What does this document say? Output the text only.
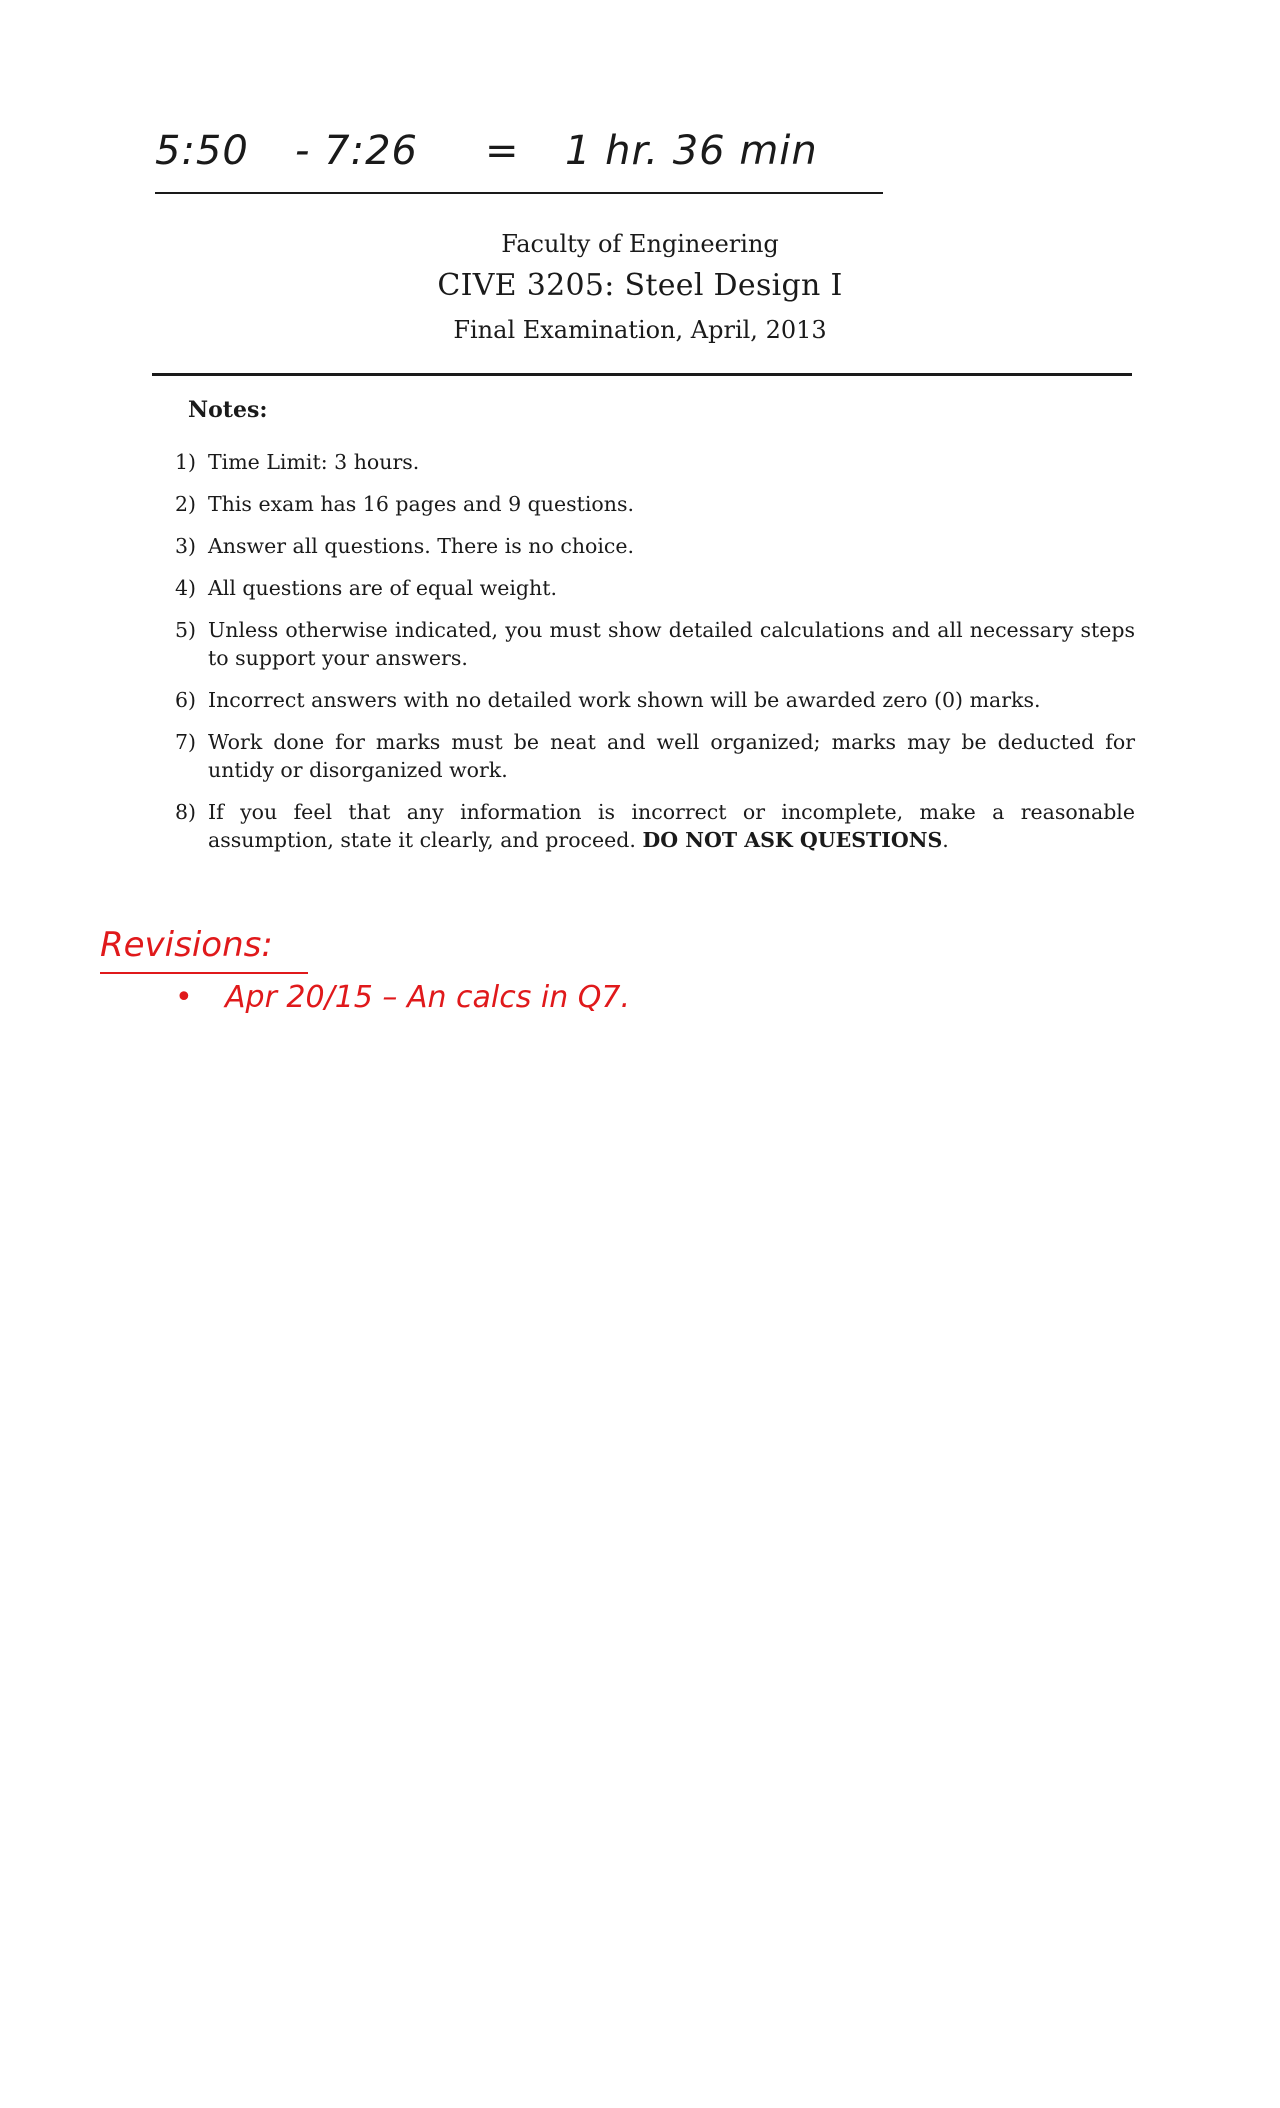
5:50 - 7:26 = 1 hr. 36 min
Faculty of Engineering
CIVE 3205: Steel Design I
Final Examination, April, 2013
Notes:
1) Time Limit: 3 hours.
2) This exam has 16 pages and 9 questions.
3) Answer all questions. There is no choice.
4) All questions are of equal weight.
5) Unless otherwise indicated, you must show detailed calculations and all necessary steps to support your answers.
6) Incorrect answers with no detailed work shown will be awarded zero (0) marks.
7) Work done for marks must be neat and well organized; marks may be deducted for untidy or disorganized work.
8) If you feel that any information is incorrect or incomplete, make a reasonable assumption, state it clearly, and proceed. DO NOT ASK QUESTIONS.
Revisions:
• Apr 20/15 – An calcs in Q7.
